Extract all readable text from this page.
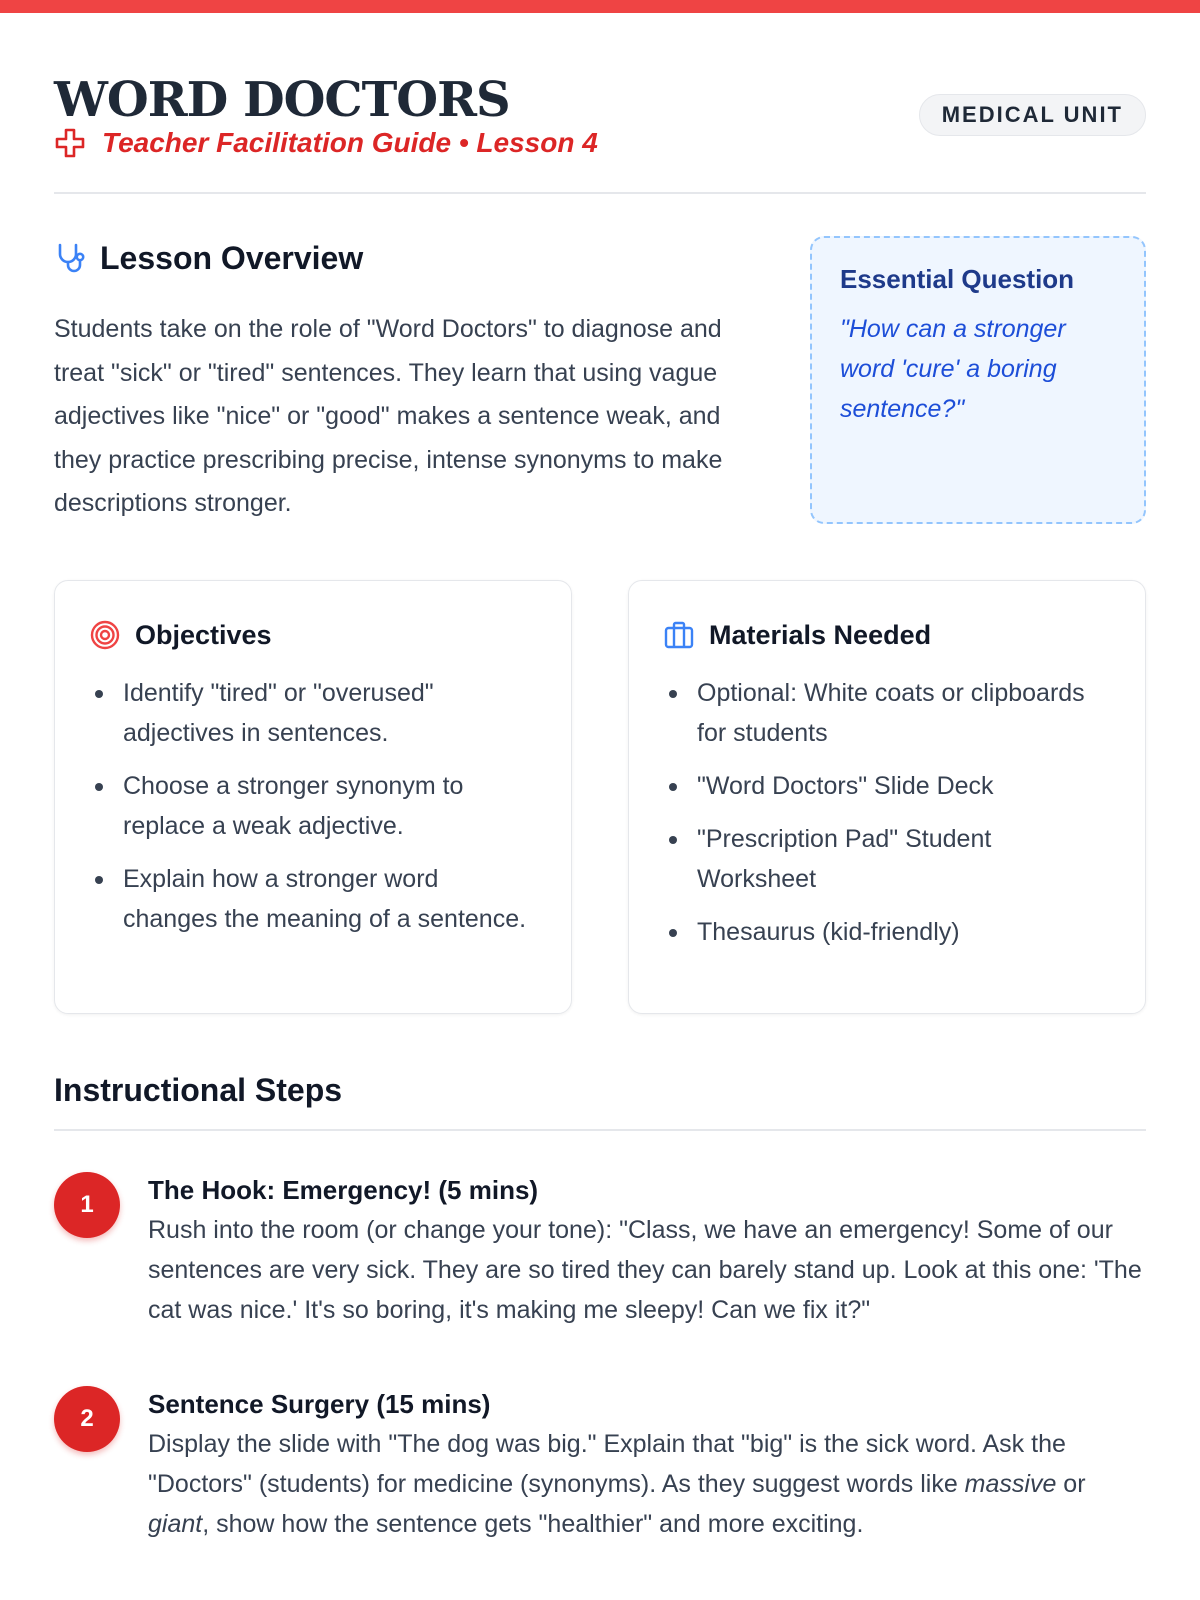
WORD DOCTORS
Teacher Facilitation Guide • Lesson 4
MEDICAL UNIT
Lesson Overview

Students take on the role of "Word Doctors" to diagnose and treat "sick" or "tired" sentences. They learn that using vague adjectives like "nice" or "good" makes a sentence weak, and they practice prescribing precise, intense synonyms to make descriptions stronger.

Essential Question
"How can a stronger word 'cure' a boring sentence?"
Objectives
Identify "tired" or "overused" adjectives in sentences.
Choose a stronger synonym to replace a weak adjective.
Explain how a stronger word changes the meaning of a sentence.
Materials Needed
Optional: White coats or clipboards for students
"Word Doctors" Slide Deck
"Prescription Pad" Student Worksheet
Thesaurus (kid-friendly)
Instructional Steps
1	The Hook: Emergency! (5 mins)
Rush into the room (or change your tone): "Class, we have an emergency! Some of our sentences are very sick. They are so tired they can barely stand up. Look at this one: 'The cat was nice.' It's so boring, it's making me sleepy! Can we fix it?"
2	Sentence Surgery (15 mins)
Display the slide with "The dog was big." Explain that "big" is the sick word. Ask the "Doctors" (students) for medicine (synonyms). As they suggest words like massive or giant, show how the sentence gets "healthier" and more exciting.
